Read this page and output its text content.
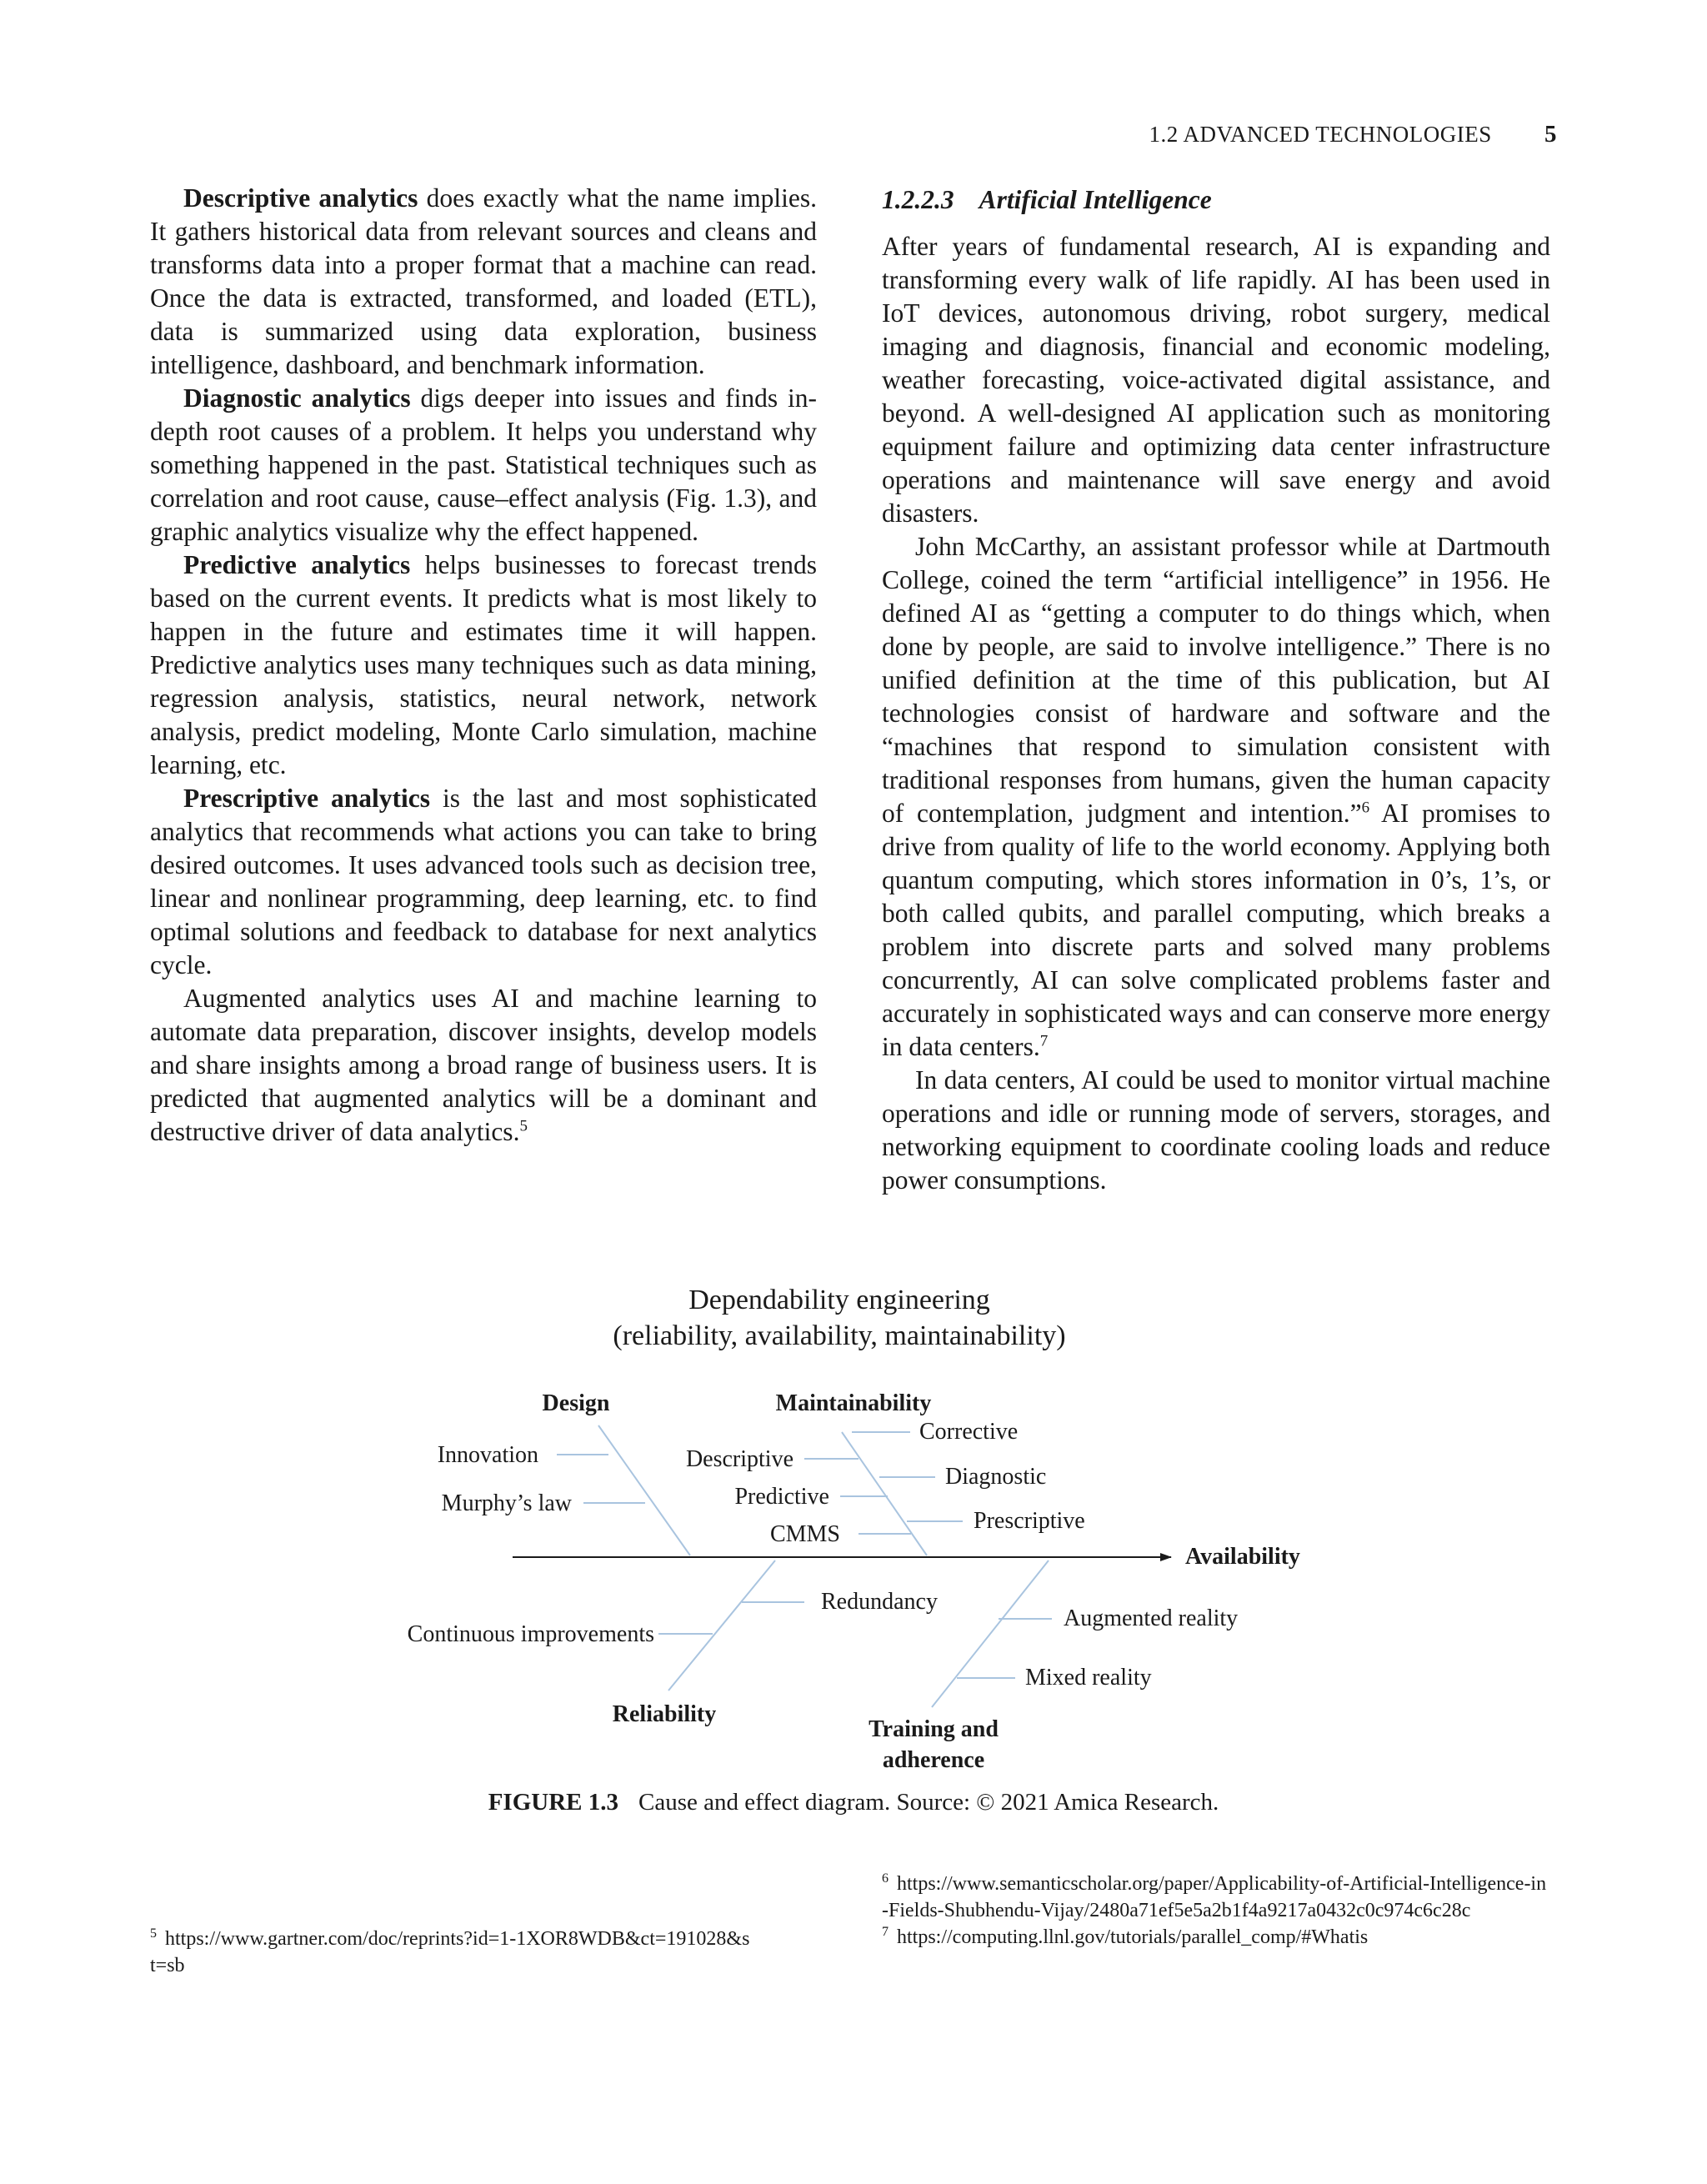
1.2 ADVANCED TECHNOLOGIES 5

Descriptive analytics does exactly what the name implies. It gathers historical data from relevant sources and cleans and transforms data into a proper format that a machine can read. Once the data is extracted, transformed, and loaded (ETL), data is summarized using data exploration, business intelligence, dashboard, and benchmark information.

Diagnostic analytics digs deeper into issues and finds in-depth root causes of a problem. It helps you understand why something happened in the past. Statistical techniques such as correlation and root cause, cause–effect analysis (Fig. 1.3), and graphic analytics visualize why the effect happened.

Predictive analytics helps businesses to forecast trends based on the current events. It predicts what is most likely to happen in the future and estimates time it will happen. Predictive analytics uses many techniques such as data mining, regression analysis, statistics, neural network, network analysis, predict modeling, Monte Carlo simulation, machine learning, etc.

Prescriptive analytics is the last and most sophisticated analytics that recommends what actions you can take to bring desired outcomes. It uses advanced tools such as decision tree, linear and nonlinear programming, deep learning, etc. to find optimal solutions and feedback to database for next analytics cycle.

Augmented analytics uses AI and machine learning to automate data preparation, discover insights, develop models and share insights among a broad range of business users. It is predicted that augmented analytics will be a dominant and destructive driver of data analytics.$^5$

1.2.2.3 Artificial Intelligence

After years of fundamental research, AI is expanding and transforming every walk of life rapidly. AI has been used in IoT devices, autonomous driving, robot surgery, medical imaging and diagnosis, financial and economic modeling, weather forecasting, voice-activated digital assistance, and beyond. A well-designed AI application such as monitoring equipment failure and optimizing data center infrastructure operations and maintenance will save energy and avoid disasters.

John McCarthy, an assistant professor while at Dartmouth College, coined the term “artificial intelligence” in 1956. He defined AI as “getting a computer to do things which, when done by people, are said to involve intelligence.” There is no unified definition at the time of this publication, but AI technologies consist of hardware and software and the “machines that respond to simulation consistent with traditional responses from humans, given the human capacity of contemplation, judgment and intention.”$^6$ AI promises to drive from quality of life to the world economy. Applying both quantum computing, which stores information in 0’s, 1’s, or both called qubits, and parallel computing, which breaks a problem into discrete parts and solved many problems concurrently, AI can solve complicated problems faster and accurately in sophisticated ways and can conserve more energy in data centers.$^7$

In data centers, AI could be used to monitor virtual machine operations and idle or running mode of servers, storages, and networking equipment to coordinate cooling loads and reduce power consumptions.

Dependability engineering
(reliability, availability, maintainability)
Availability
Design	Maintainability
Reliability
Training and
adherence
Innovation
Murphy’s law
Descriptive
Predictive
CMMS
Corrective
Diagnostic
Prescriptive
Redundancy
Continuous improvements
Augmented reality
Mixed reality
FIGURE 1.3 Cause and effect diagram. Source: © 2021 Amica Research.
$^5$ https://www.gartner.com/doc/reprints?id=1-1XOR8WDB&ct=191028&st=sb
$^6$ https://www.semanticscholar.org/paper/Applicability-of-Artificial-Intelligence-in-Fields-Shubhendu-Vijay/2480a71ef5e5a2b1f4a9217a0432c0c974c6c28c
$^7$ https://computing.llnl.gov/tutorials/parallel_comp/#Whatis
